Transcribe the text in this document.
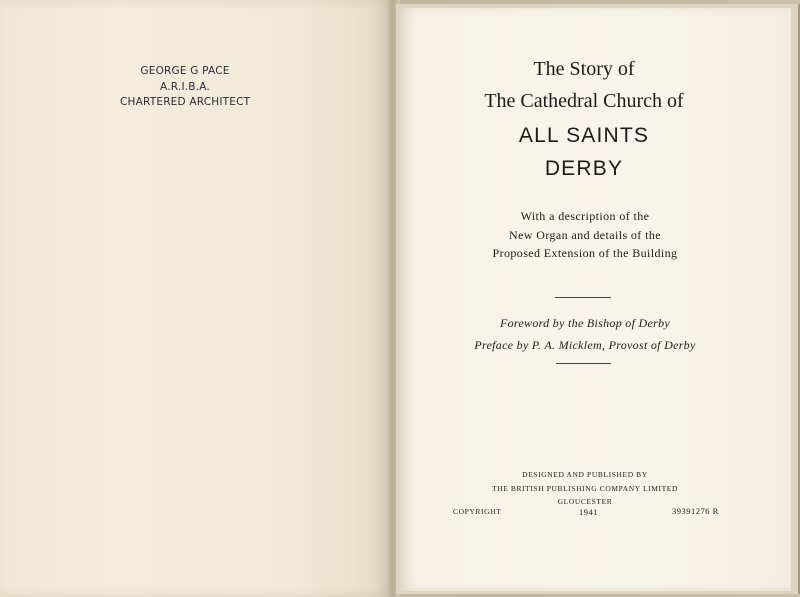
GEORGE G PACE
A.R.I.B.A.
CHARTERED ARCHITECT
The Story of
The Cathedral Church of
ALL SAINTS
DERBY
With a description of the
New Organ and details of the
Proposed Extension of the Building
Foreword by the Bishop of Derby
Preface by P. A. Micklem, Provost of Derby
DESIGNED AND PUBLISHED BY
THE BRITISH PUBLISHING COMPANY LIMITED
GLOUCESTER
COPYRIGHT	1941	39391276 R
